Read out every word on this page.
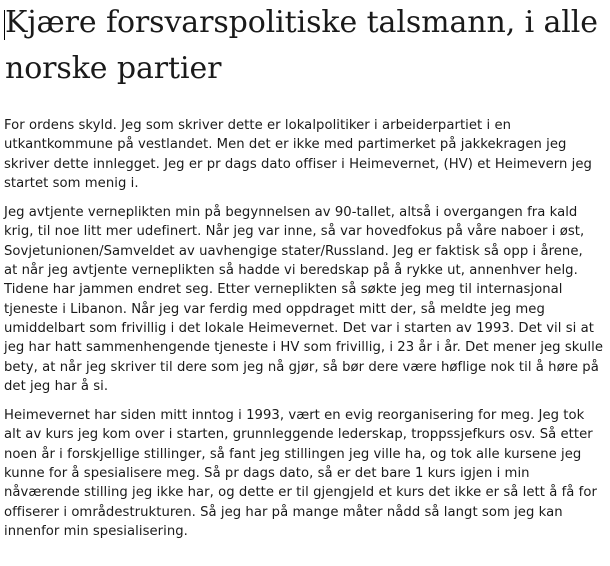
Kjære forsvarspolitiske talsmann, i alle
norske partier

For ordens skyld. Jeg som skriver dette er lokalpolitiker i arbeiderpartiet i en
utkantkommune på vestlandet. Men det er ikke med partimerket på jakkekragen jeg
skriver dette innlegget. Jeg er pr dags dato offiser i Heimevernet, (HV) et Heimevern jeg
startet som menig i.

Jeg avtjente verneplikten min på begynnelsen av 90-tallet, altså i overgangen fra kald
krig, til noe litt mer udefinert. Når jeg var inne, så var hovedfokus på våre naboer i øst,
Sovjetunionen/Samveldet av uavhengige stater/Russland. Jeg er faktisk så opp i årene,
at når jeg avtjente verneplikten så hadde vi beredskap på å rykke ut, annenhver helg.
Tidene har jammen endret seg. Etter verneplikten så søkte jeg meg til internasjonal
tjeneste i Libanon. Når jeg var ferdig med oppdraget mitt der, så meldte jeg meg
umiddelbart som frivillig i det lokale Heimevernet. Det var i starten av 1993. Det vil si at
jeg har hatt sammenhengende tjeneste i HV som frivillig, i 23 år i år. Det mener jeg skulle
bety, at når jeg skriver til dere som jeg nå gjør, så bør dere være høflige nok til å høre på
det jeg har å si.

Heimevernet har siden mitt inntog i 1993, vært en evig reorganisering for meg. Jeg tok
alt av kurs jeg kom over i starten, grunnleggende lederskap, troppssjefkurs osv. Så etter
noen år i forskjellige stillinger, så fant jeg stillingen jeg ville ha, og tok alle kursene jeg
kunne for å spesialisere meg. Så pr dags dato, så er det bare 1 kurs igjen i min
nåværende stilling jeg ikke har, og dette er til gjengjeld et kurs det ikke er så lett å få for
offiserer i områdestrukturen. Så jeg har på mange måter nådd så langt som jeg kan
innenfor min spesialisering.
